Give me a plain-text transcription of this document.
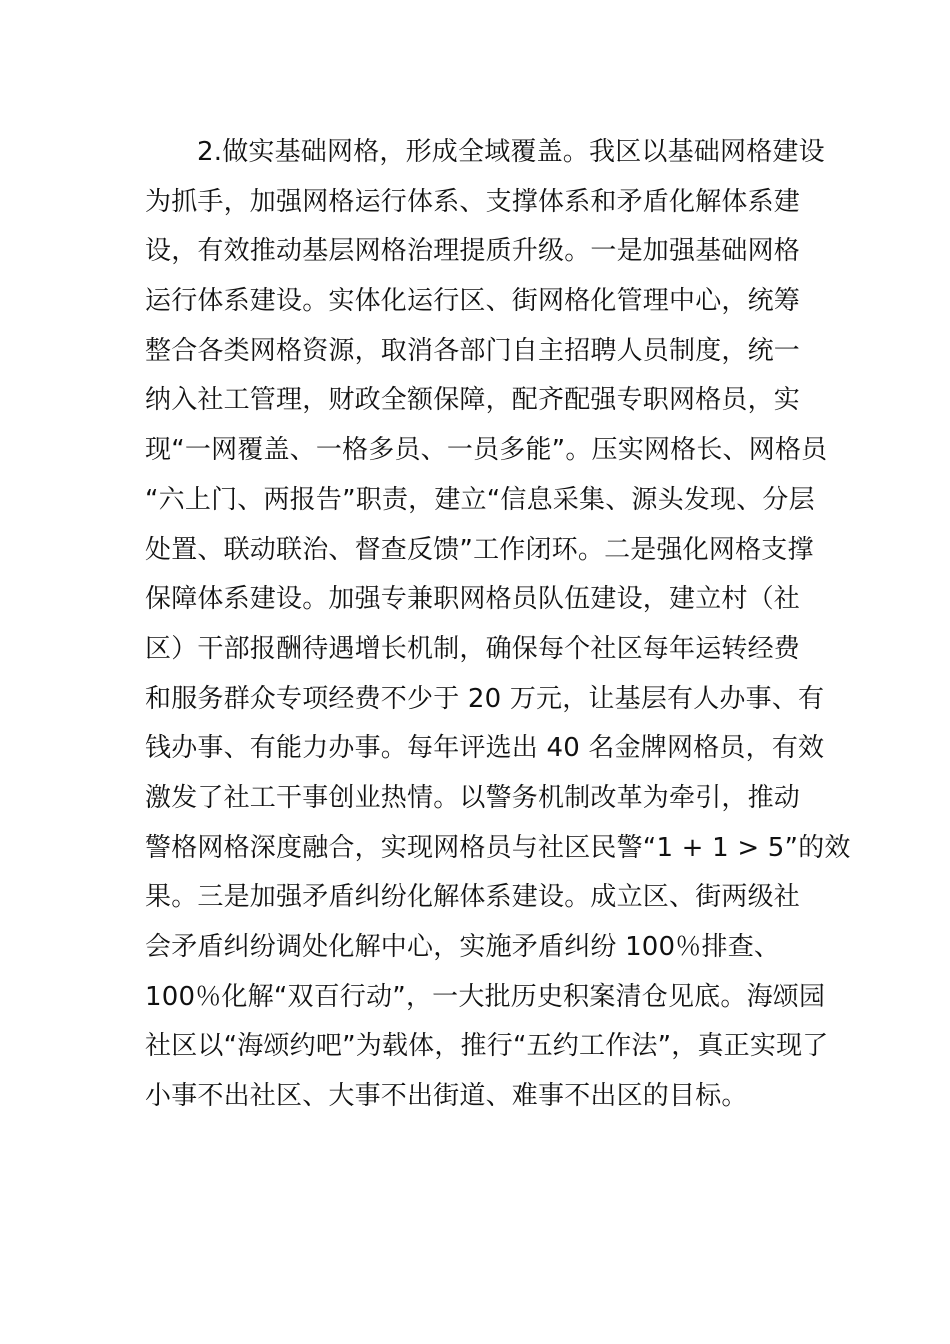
2.做实基础网格，形成全域覆盖。我区以基础网格建设
为抓手，加强网格运行体系、支撑体系和矛盾化解体系建
设，有效推动基层网格治理提质升级。一是加强基础网格
运行体系建设。实体化运行区、街网格化管理中心，统筹
整合各类网格资源，取消各部门自主招聘人员制度，统一
纳入社工管理，财政全额保障，配齐配强专职网格员，实
现“一网覆盖、一格多员、一员多能”。压实网格长、网格员
“六上门、两报告”职责，建立“信息采集、源头发现、分层
处置、联动联治、督查反馈”工作闭环。二是强化网格支撑
保障体系建设。加强专兼职网格员队伍建设，建立村（社
区）干部报酬待遇增长机制，确保每个社区每年运转经费
和服务群众专项经费不少于 20 万元，让基层有人办事、有
钱办事、有能力办事。每年评选出 40 名金牌网格员，有效
激发了社工干事创业热情。以警务机制改革为牵引，推动
警格网格深度融合，实现网格员与社区民警“1 + 1 > 5”的效
果。三是加强矛盾纠纷化解体系建设。成立区、街两级社
会矛盾纠纷调处化解中心，实施矛盾纠纷 100％排查、
100％化解“双百行动”，一大批历史积案清仓见底。海颂园
社区以“海颂约吧”为载体，推行“五约工作法”，真正实现了
小事不出社区、大事不出街道、难事不出区的目标。
